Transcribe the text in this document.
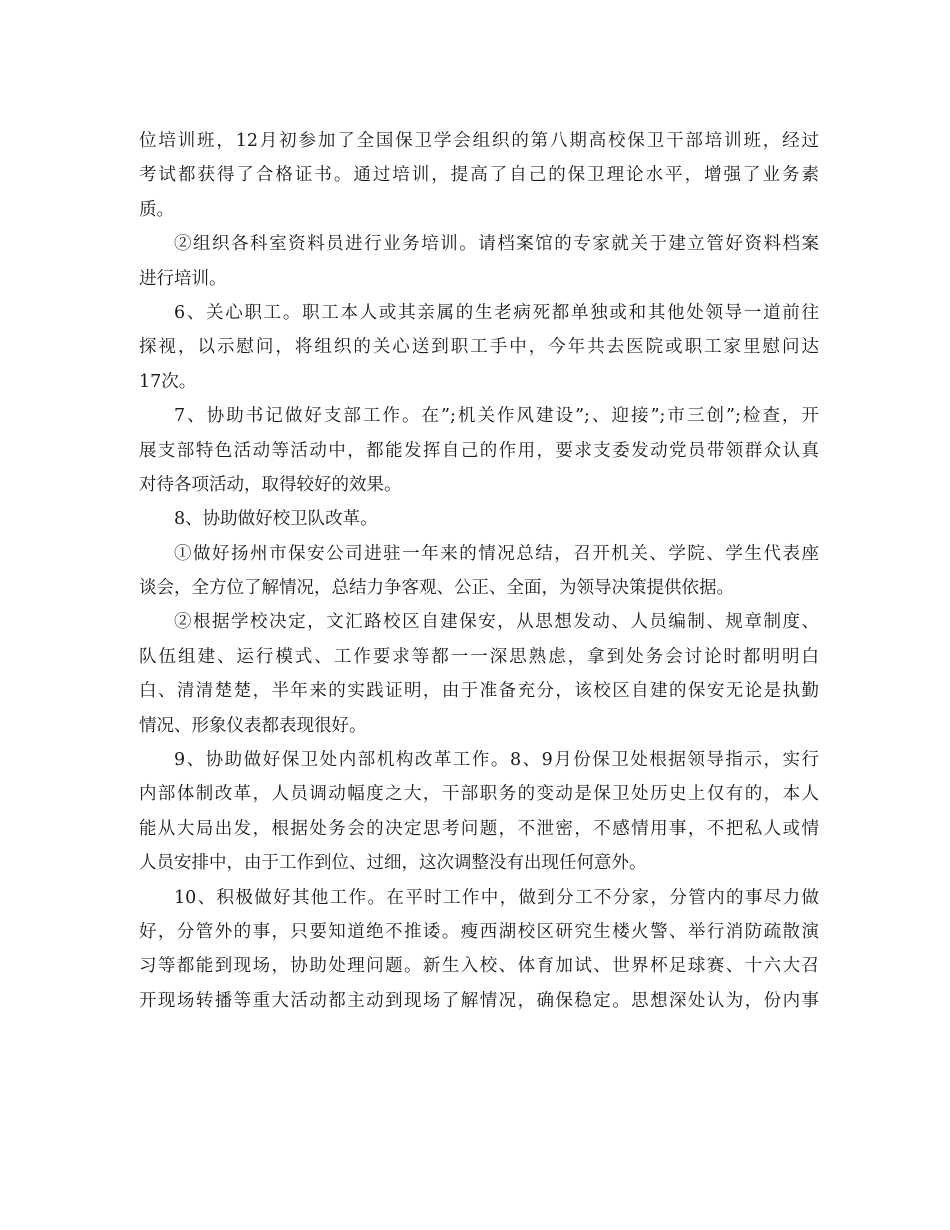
位培训班，12月初参加了全国保卫学会组织的第八期高校保卫干部培训班，经过
考试都获得了合格证书。通过培训，提高了自己的保卫理论水平，增强了业务素
质。
②组织各科室资料员进行业务培训。请档案馆的专家就关于建立管好资料档案
进行培训。
6、关心职工。职工本人或其亲属的生老病死都单独或和其他处领导一道前往
探视，以示慰问，将组织的关心送到职工手中，今年共去医院或职工家里慰问达
17次。
7、协助书记做好支部工作。在”;机关作风建设”;、迎接”;市三创”;检查，开
展支部特色活动等活动中，都能发挥自己的作用，要求支委发动党员带领群众认真
对待各项活动，取得较好的效果。
8、协助做好校卫队改革。
①做好扬州市保安公司进驻一年来的情况总结，召开机关、学院、学生代表座
谈会，全方位了解情况，总结力争客观、公正、全面，为领导决策提供依据。
②根据学校决定，文汇路校区自建保安，从思想发动、人员编制、规章制度、
队伍组建、运行模式、工作要求等都一一深思熟虑，拿到处务会讨论时都明明白
白、清清楚楚，半年来的实践证明，由于准备充分，该校区自建的保安无论是执勤
情况、形象仪表都表现很好。
9、协助做好保卫处内部机构改革工作。8、9月份保卫处根据领导指示，实行
内部体制改革，人员调动幅度之大，干部职务的变动是保卫处历史上仅有的，本人
能从大局出发，根据处务会的决定思考问题，不泄密，不感情用事，不把私人或情
人员安排中，由于工作到位、过细，这次调整没有出现任何意外。
10、积极做好其他工作。在平时工作中，做到分工不分家，分管内的事尽力做
好，分管外的事，只要知道绝不推诿。瘦西湖校区研究生楼火警、举行消防疏散演
习等都能到现场，协助处理问题。新生入校、体育加试、世界杯足球赛、十六大召
开现场转播等重大活动都主动到现场了解情况，确保稳定。思想深处认为，份内事
